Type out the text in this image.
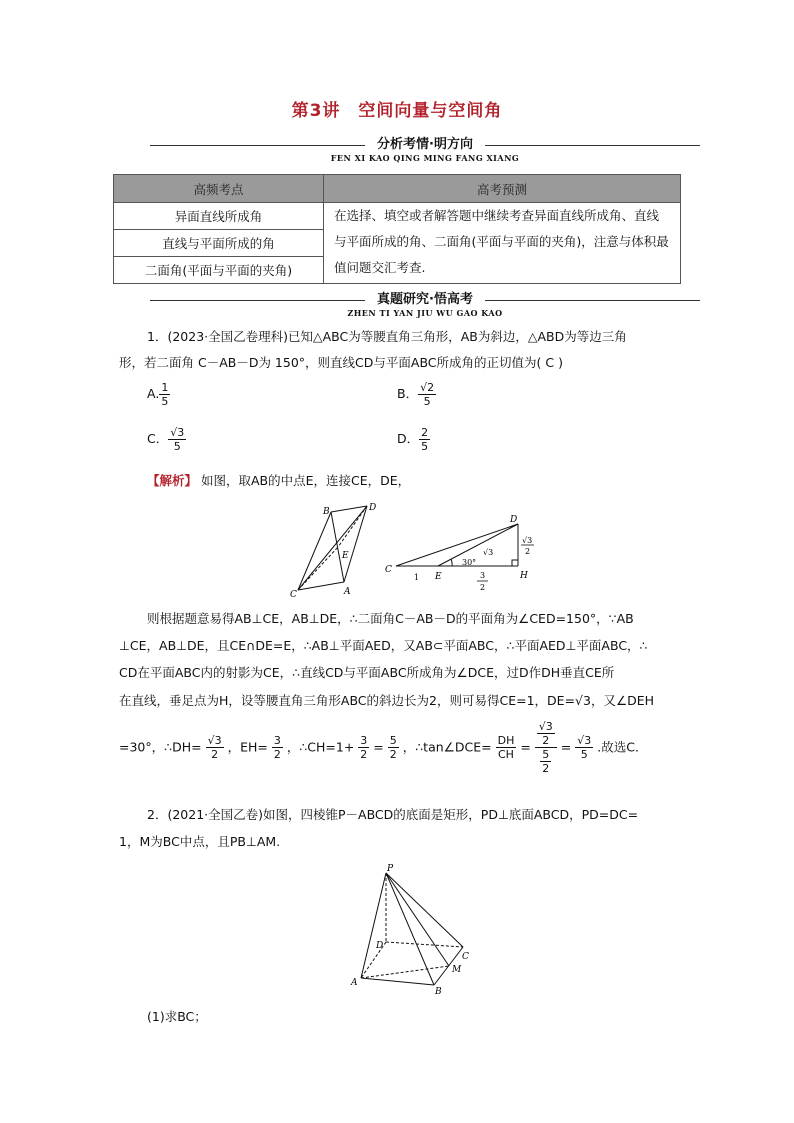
第3讲　空间向量与空间角
分析考情·明方向
FEN XI KAO QING MING FANG XIANG
高频考点	高考预测
异面直线所成角	在选择、填空或者解答题中继续考查异面直线所成角、直线与平面所成的角、二面角(平面与平面的夹角)，注意与体积最值问题交汇考查.
直线与平面所成的角	
二面角(平面与平面的夹角)	
真题研究·悟高考
ZHEN TI YAN JIU WU GAO KAO
1．(2023·全国乙卷理科)已知△ABC为等腰直角三角形，AB为斜边，△ABD为等边三角
形，若二面角 C－AB－D为 150°，则直线CD与平面ABC所成角的正切值为( C )
A. $\frac{1}{5}$	B． $\frac{√2}{5}$
C． $\frac{√3}{5}$	D． $\frac{2}{5}$
【解析】 如图，取AB的中点E，连接CE，DE，
B	D
E
C	A
D
C
E	H
√3
2
√3
30°
1	3
2
则根据题意易得AB⊥CE，AB⊥DE，∴二面角C－AB－D的平面角为∠CED=150°，∵AB
⊥CE，AB⊥DE，且CE∩DE=E，∴AB⊥平面AED，又AB⊂平面ABC，∴平面AED⊥平面ABC，∴
CD在平面ABC内的射影为CE，∴直线CD与平面ABC所成角为∠DCE，过D作DH垂直CE所
在直线，垂足点为H，设等腰直角三角形ABC的斜边长为2，则可易得CE=1，DE=√3，又∠DEH
=30°，∴DH= $\frac{√3}{2}$ ，$EH= \frac{3}{2}$ ，∴CH=1+ $\frac{3}{2} = \frac{5}{2}$ ，∴tan∠DCE= $\frac{DH}{CH} = \frac{\frac{√3}{2}}{\frac{5}{2}} = \frac{√3}{5}$ .故选C.
2．(2021·全国乙卷)如图，四棱锥P－ABCD的底面是矩形，PD⊥底面ABCD，PD=DC=
1，M为BC中点，且PB⊥AM.
P
D
C
M
A
B
(1)求BC；
